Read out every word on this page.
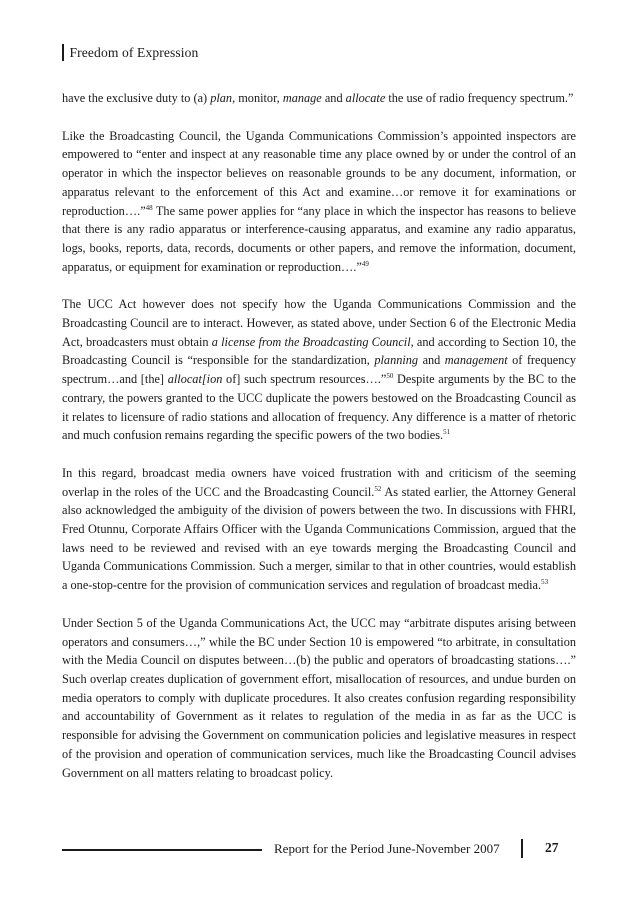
Freedom of Expression

have the exclusive duty to (a) plan, monitor, manage and allocate the use of radio frequency spectrum.”

Like the Broadcasting Council, the Uganda Communications Commission’s appointed inspectors are empowered to “enter and inspect at any reasonable time any place owned by or under the control of an operator in which the inspector believes on reasonable grounds to be any document, information, or apparatus relevant to the enforcement of this Act and examine…or remove it for examinations or reproduction….”$^{48}$ The same power applies for “any place in which the inspector has reasons to believe that there is any radio apparatus or interference-causing apparatus, and examine any radio apparatus, logs, books, reports, data, records, documents or other papers, and remove the information, document, apparatus, or equipment for examination or reproduction….”$^{49}$

The UCC Act however does not specify how the Uganda Communications Commission and the Broadcasting Council are to interact. However, as stated above, under Section 6 of the Electronic Media Act, broadcasters must obtain a license from the Broadcasting Council, and according to Section 10, the Broadcasting Council is “responsible for the standardization, planning and management of frequency spectrum…and [the] allocat[ion of] such spectrum resources….”$^{50}$ Despite arguments by the BC to the contrary, the powers granted to the UCC duplicate the powers bestowed on the Broadcasting Council as it relates to licensure of radio stations and allocation of frequency. Any difference is a matter of rhetoric and much confusion remains regarding the specific powers of the two bodies.$^{51}$

In this regard, broadcast media owners have voiced frustration with and criticism of the seeming overlap in the roles of the UCC and the Broadcasting Council.$^{52}$ As stated earlier, the Attorney General also acknowledged the ambiguity of the division of powers between the two. In discussions with FHRI, Fred Otunnu, Corporate Affairs Officer with the Uganda Communications Commission, argued that the laws need to be reviewed and revised with an eye towards merging the Broadcasting Council and Uganda Communications Commission. Such a merger, similar to that in other countries, would establish a one-stop-centre for the provision of communication services and regulation of broadcast media.$^{53}$

Under Section 5 of the Uganda Communications Act, the UCC may “arbitrate disputes arising between operators and consumers…,” while the BC under Section 10 is empowered “to arbitrate, in consultation with the Media Council on disputes between…(b) the public and operators of broadcasting stations….” Such overlap creates duplication of government effort, misallocation of resources, and undue burden on media operators to comply with duplicate procedures. It also creates confusion regarding responsibility and accountability of Government as it relates to regulation of the media in as far as the UCC is responsible for advising the Government on communication policies and legislative measures in respect of the provision and operation of communication services, much like the Broadcasting Council advises Government on all matters relating to broadcast policy.

Report for the Period June-November 2007	27
